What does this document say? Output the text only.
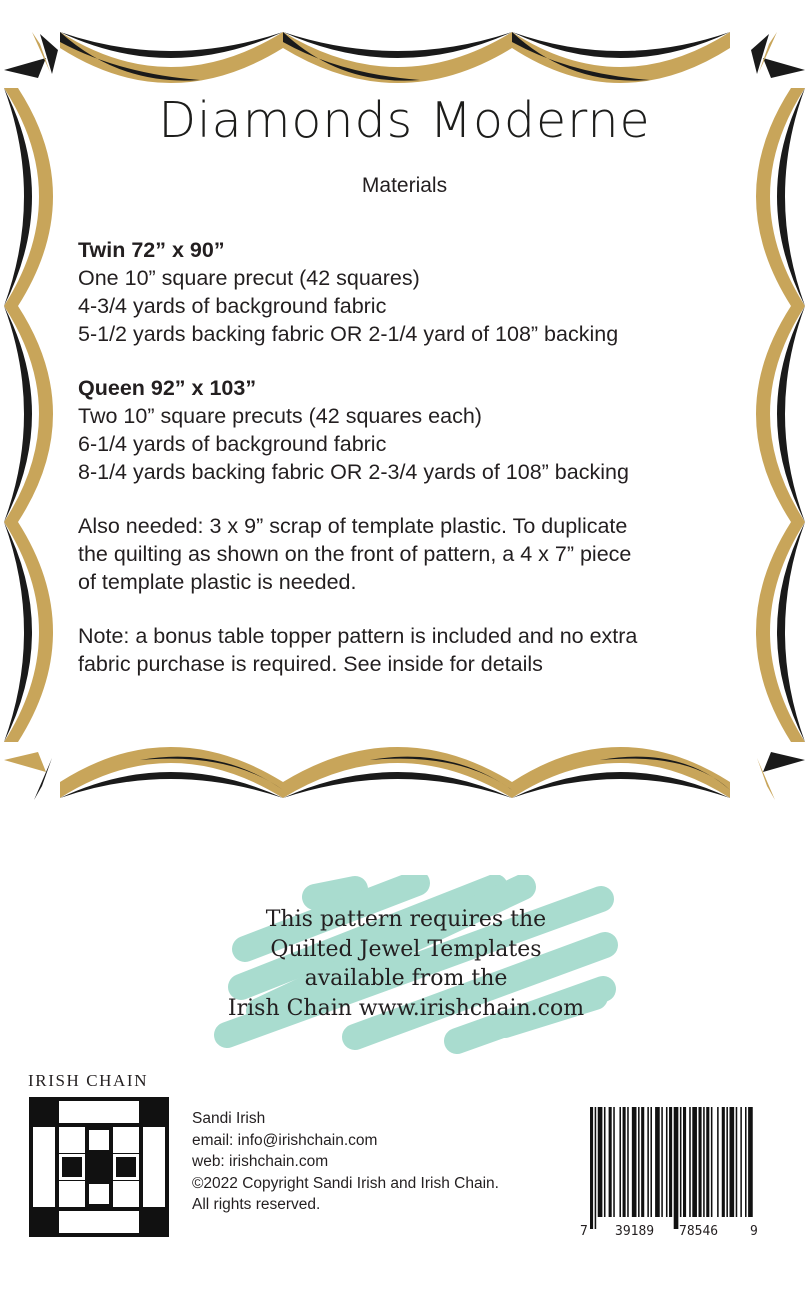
Diamonds Moderne
Materials
Twin 72” x 90”
One 10” square precut (42 squares)
4-3/4 yards of background fabric
5-1/2 yards backing fabric OR 2-1/4 yard of 108” backing
Queen 92” x 103”
Two 10” square precuts (42 squares each)
6-1/4 yards of background fabric
8-1/4 yards backing fabric OR 2-3/4 yards of 108” backing
Also needed: 3 x 9” scrap of template plastic. To duplicate
the quilting as shown on the front of pattern, a 4 x 7” piece
of template plastic is needed.
Note: a bonus table topper pattern is included and no extra
fabric purchase is required. See inside for details
This pattern requires the
Quilted Jewel Templates
available from the
Irish Chain www.irishchain.com
IRISH CHAIN
Sandi Irish
email: info@irishchain.com
web: irishchain.com
©2022 Copyright Sandi Irish and Irish Chain.
All rights reserved.
7 39189 78546 9
